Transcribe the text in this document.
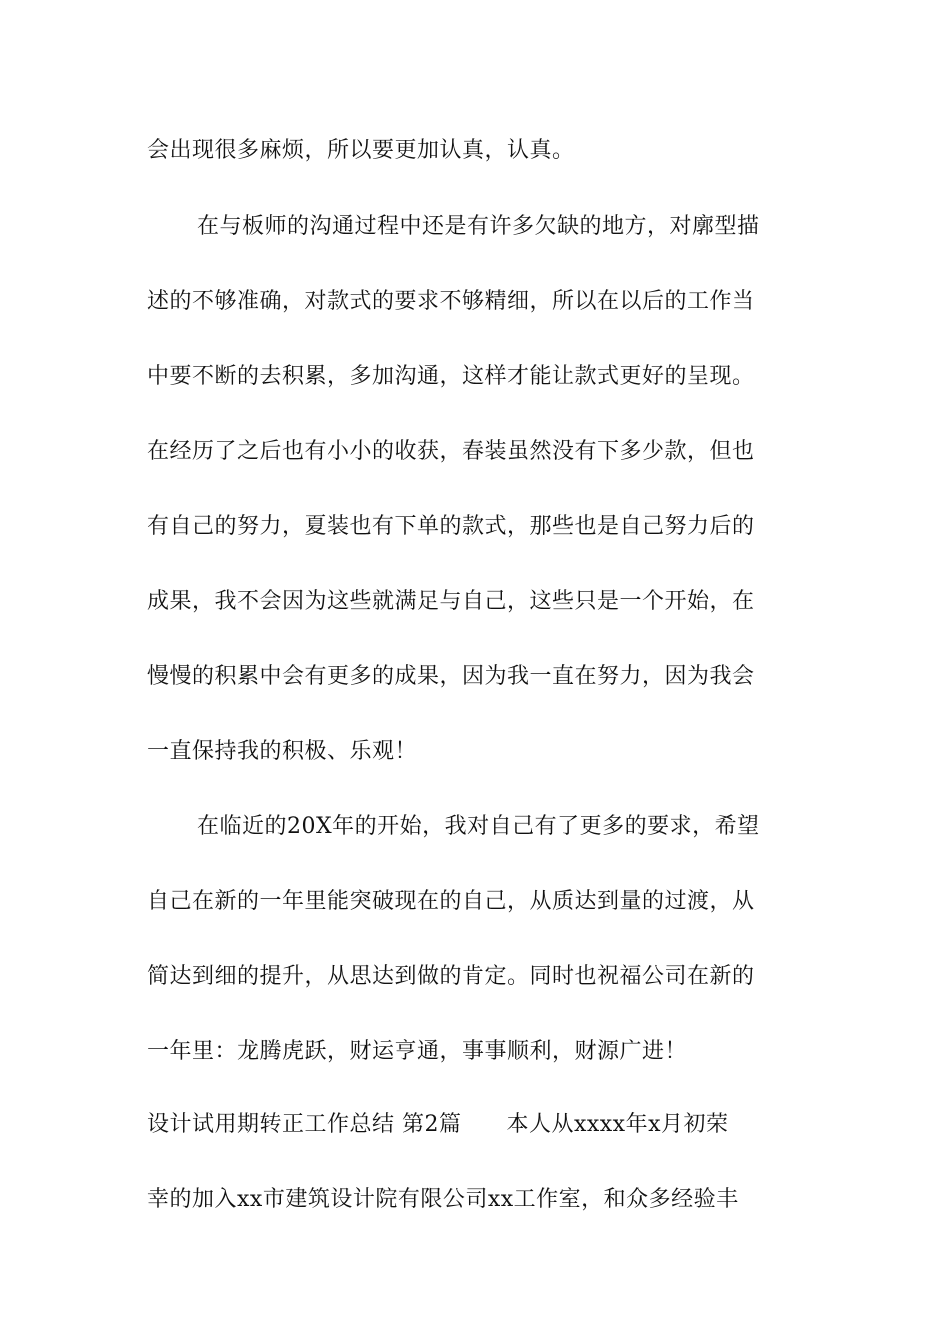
会出现很多麻烦，所以要更加认真，认真。
在与板师的沟通过程中还是有许多欠缺的地方，对廓型描
述的不够准确，对款式的要求不够精细，所以在以后的工作当
中要不断的去积累，多加沟通，这样才能让款式更好的呈现。
在经历了之后也有小小的收获，春装虽然没有下多少款，但也
有自己的努力，夏装也有下单的款式，那些也是自己努力后的
成果，我不会因为这些就满足与自己，这些只是一个开始，在
慢慢的积累中会有更多的成果，因为我一直在努力，因为我会
一直保持我的积极、乐观！
在临近的20X年的开始，我对自己有了更多的要求，希望
自己在新的一年里能突破现在的自己，从质达到量的过渡，从
简达到细的提升，从思达到做的肯定。同时也祝福公司在新的
一年里：龙腾虎跃，财运亨通，事事顺利，财源广进！
设计试用期转正工作总结 第2篇      本人从xxxx年x月初荣
幸的加入xx市建筑设计院有限公司xx工作室，和众多经验丰
